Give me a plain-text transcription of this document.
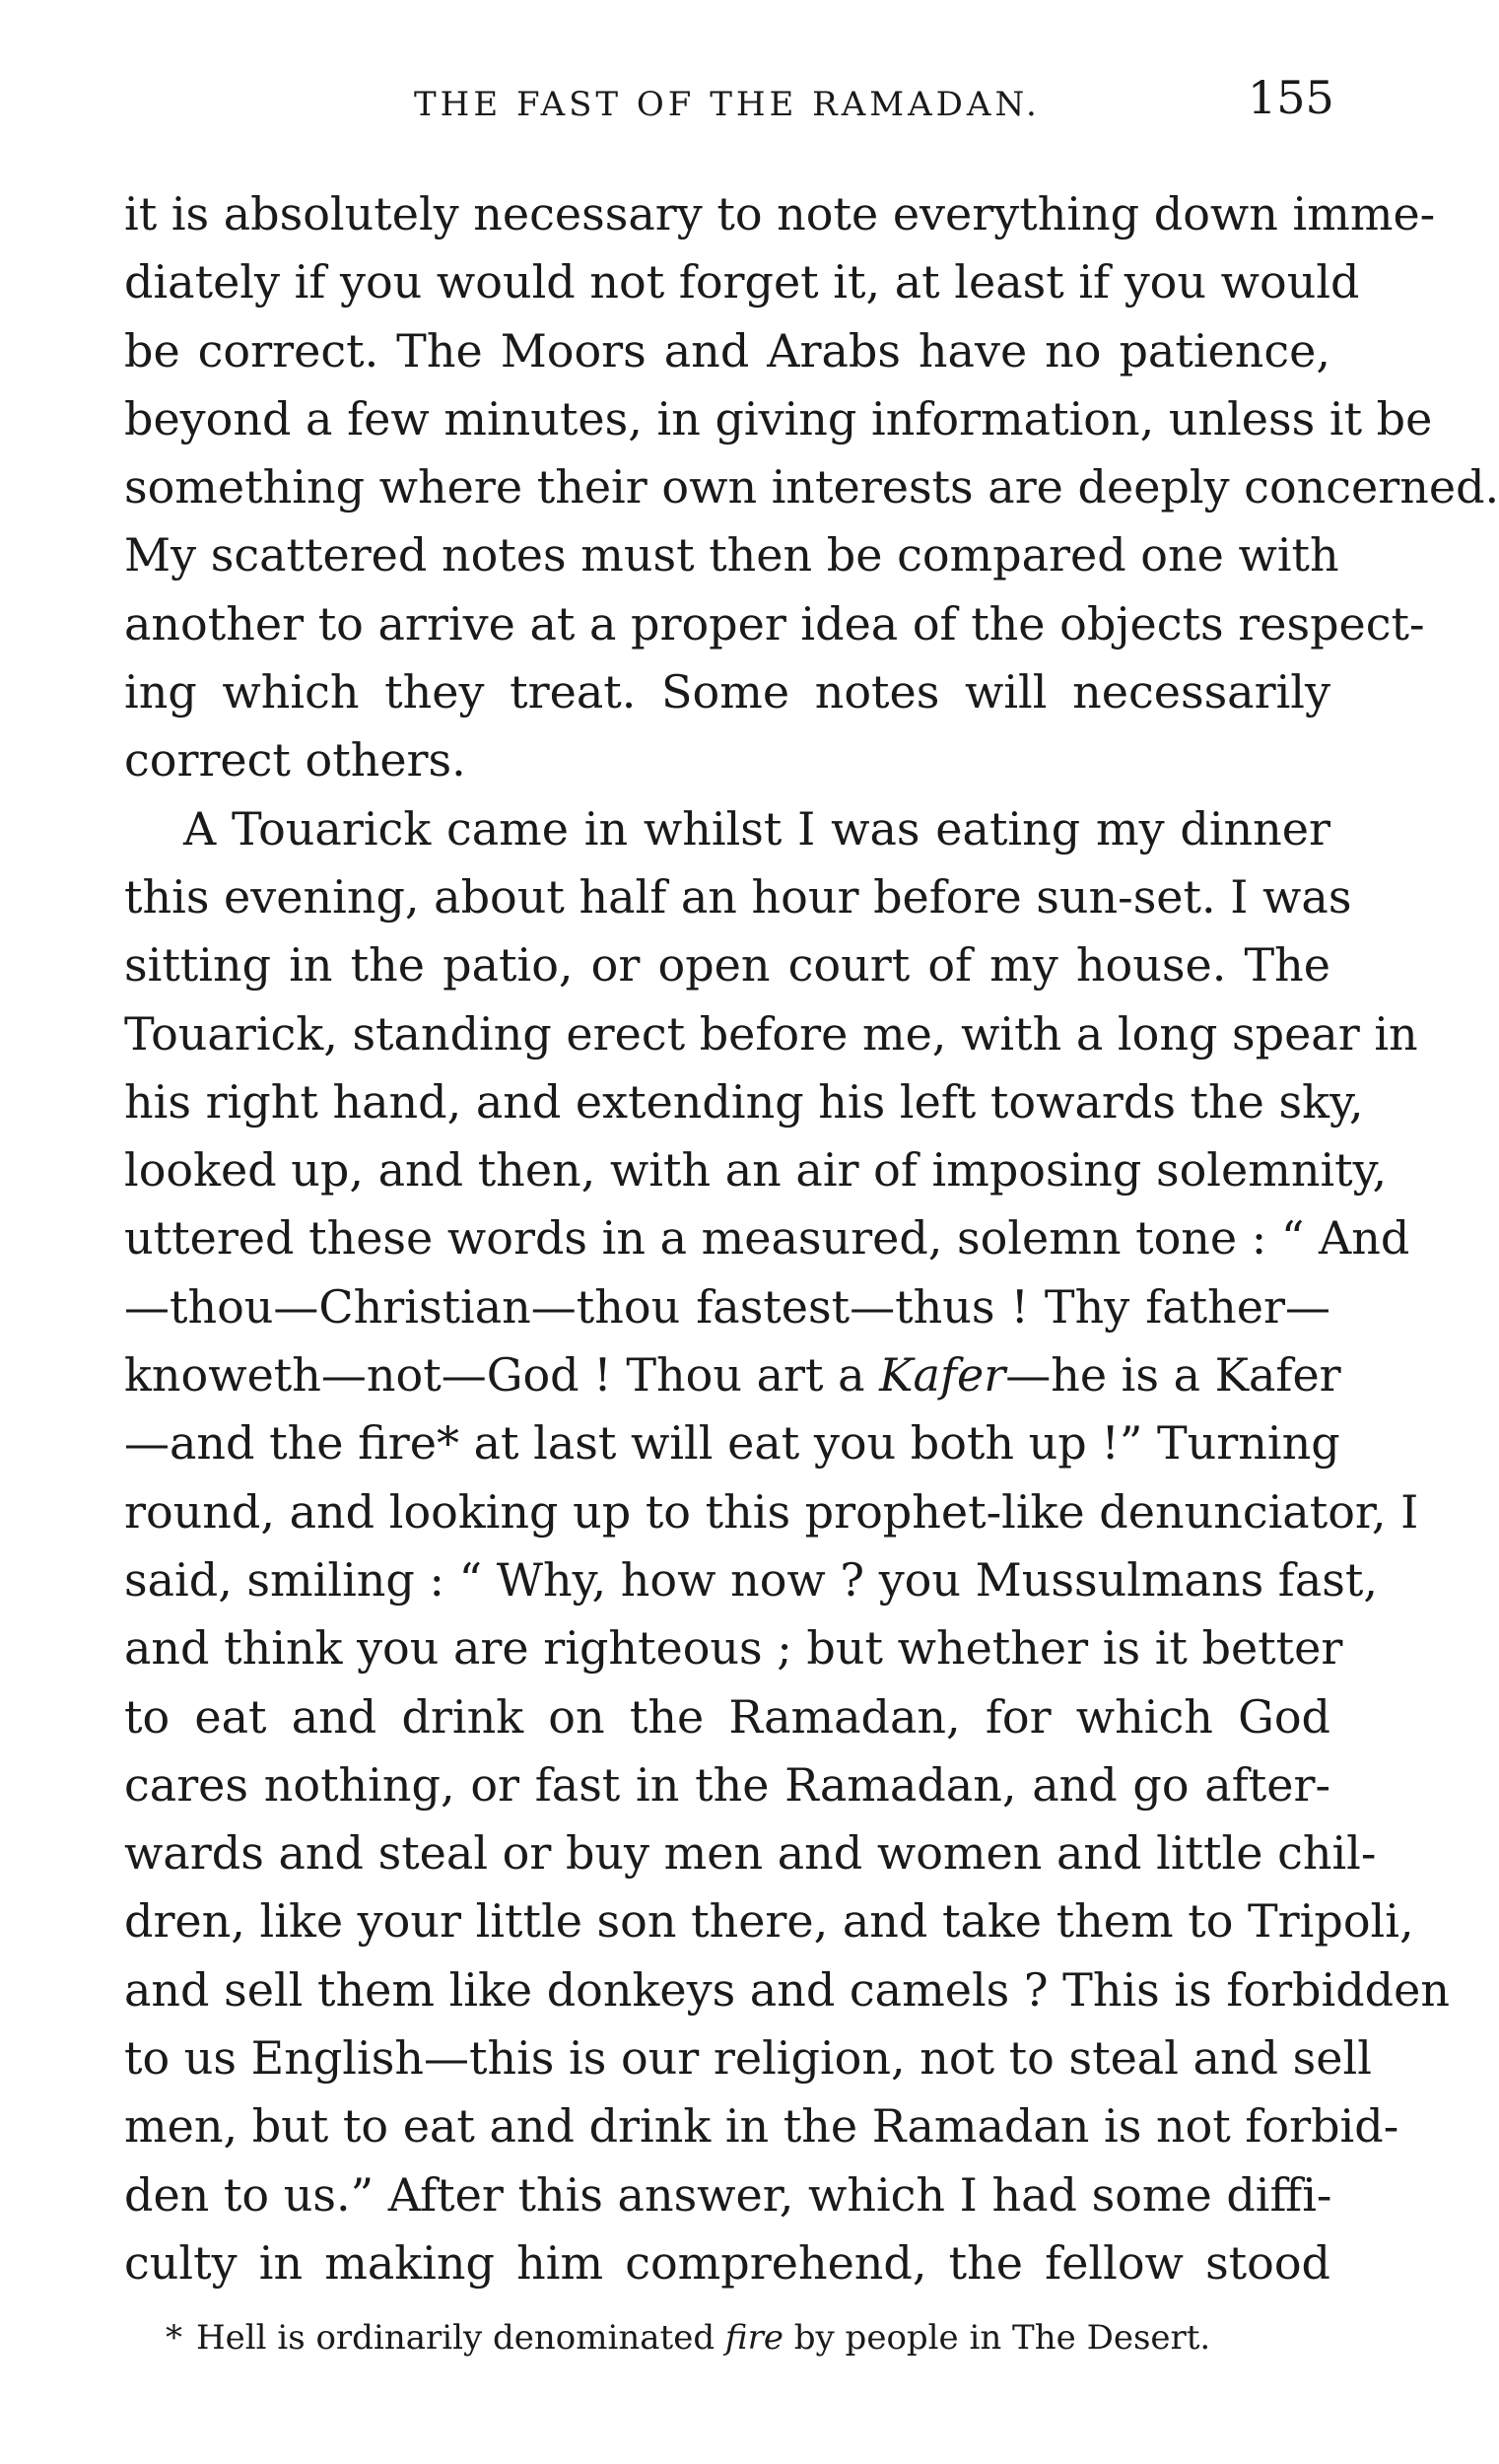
THE FAST OF THE RAMADAN.	155
it is absolutely necessary to note everything down imme-
diately if you would not forget it, at least if you would
be correct. The Moors and Arabs have no patience,
beyond a few minutes, in giving information, unless it be
something where their own interests are deeply concerned.
My scattered notes must then be compared one with
another to arrive at a proper idea of the objects respect-
ing which they treat. Some notes will necessarily
correct others.
A Touarick came in whilst I was eating my dinner
this evening, about half an hour before sun-set. I was
sitting in the patio, or open court of my house. The
Touarick, standing erect before me, with a long spear in
his right hand, and extending his left towards the sky,
looked up, and then, with an air of imposing solemnity,
uttered these words in a measured, solemn tone : “ And
—thou—Christian—thou fastest—thus ! Thy father—
knoweth—not—God ! Thou art a Kafer—he is a Kafer
—and the fire* at last will eat you both up !” Turning
round, and looking up to this prophet-like denunciator, I
said, smiling : “ Why, how now ? you Mussulmans fast,
and think you are righteous ; but whether is it better
to eat and drink on the Ramadan, for which God
cares nothing, or fast in the Ramadan, and go after-
wards and steal or buy men and women and little chil-
dren, like your little son there, and take them to Tripoli,
and sell them like donkeys and camels ? This is forbidden
to us English—this is our religion, not to steal and sell
men, but to eat and drink in the Ramadan is not forbid-
den to us.” After this answer, which I had some diffi-
culty in making him comprehend, the fellow stood
* Hell is ordinarily denominated fire by people in The Desert.
